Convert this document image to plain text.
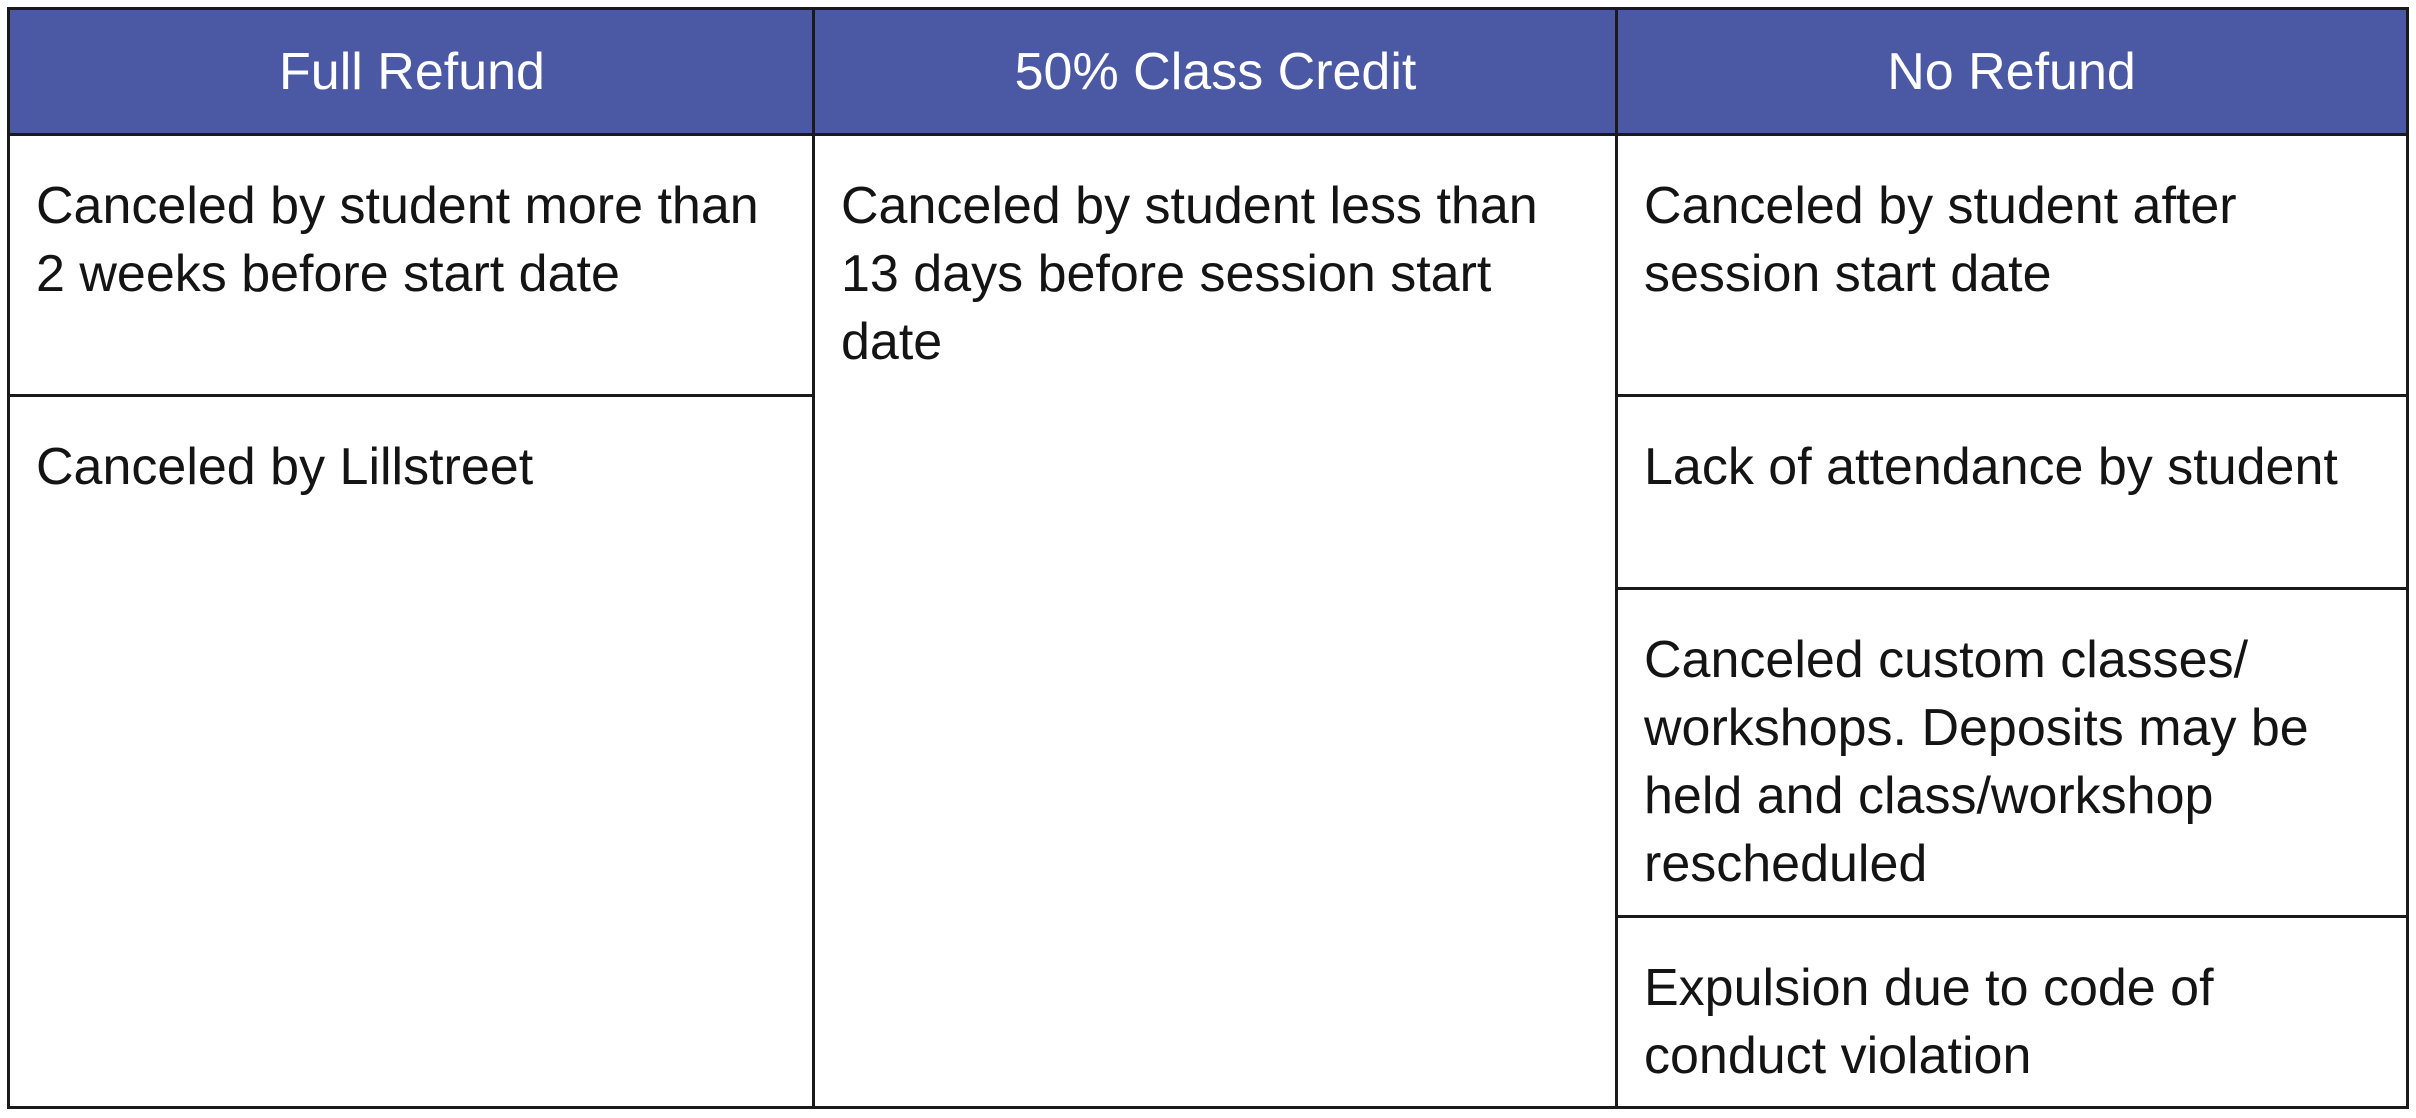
Full Refund	50% Class Credit	No Refund
Canceled by student more than 2 weeks before start date
Canceled by Lillstreet
Canceled by student less than 13 days before session start date
Canceled by student after session start date
Lack of attendance by student
Canceled custom classes/ workshops. Deposits may be held and class/workshop rescheduled
Expulsion due to code of conduct violation
